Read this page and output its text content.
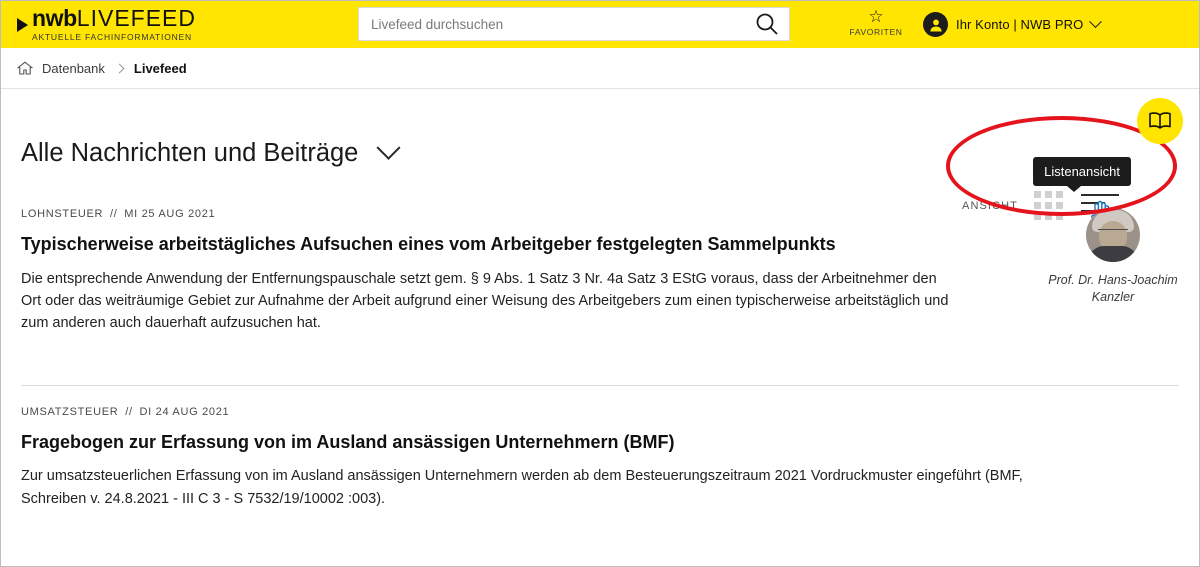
nwbLIVEFEED
AKTUELLE FACHINFORMATIONEN
Livefeed durchsuchen
☆
FAVORITEN	Ihr Konto | NWB PRO
Datenbank Livefeed
Alle Nachrichten und Beiträge
ANSICHT
Listenansicht
LOHNSTEUER // MI 25 AUG 2021
Typischerweise arbeitstägliches Aufsuchen eines vom Arbeitgeber festgelegten Sammelpunkts

Die entsprechende Anwendung der Entfernungspauschale setzt gem. § 9 Abs. 1 Satz 3 Nr. 4a Satz 3 EStG voraus, dass der Arbeitnehmer den Ort oder das weiträumige Gebiet zur Aufnahme der Arbeit aufgrund einer Weisung des Arbeitgebers zum einen typischerweise arbeitstäglich und zum anderen auch dauerhaft aufzusuchen hat.

Prof. Dr. Hans-Joachim
Kanzler
UMSATZSTEUER // DI 24 AUG 2021
Fragebogen zur Erfassung von im Ausland ansässigen Unternehmern (BMF)

Zur umsatzsteuerlichen Erfassung von im Ausland ansässigen Unternehmern werden ab dem Besteuerungszeitraum 2021 Vordruckmuster eingeführt (BMF, Schreiben v. 24.8.2021 - III C 3 - S 7532/19/10002 :003).
